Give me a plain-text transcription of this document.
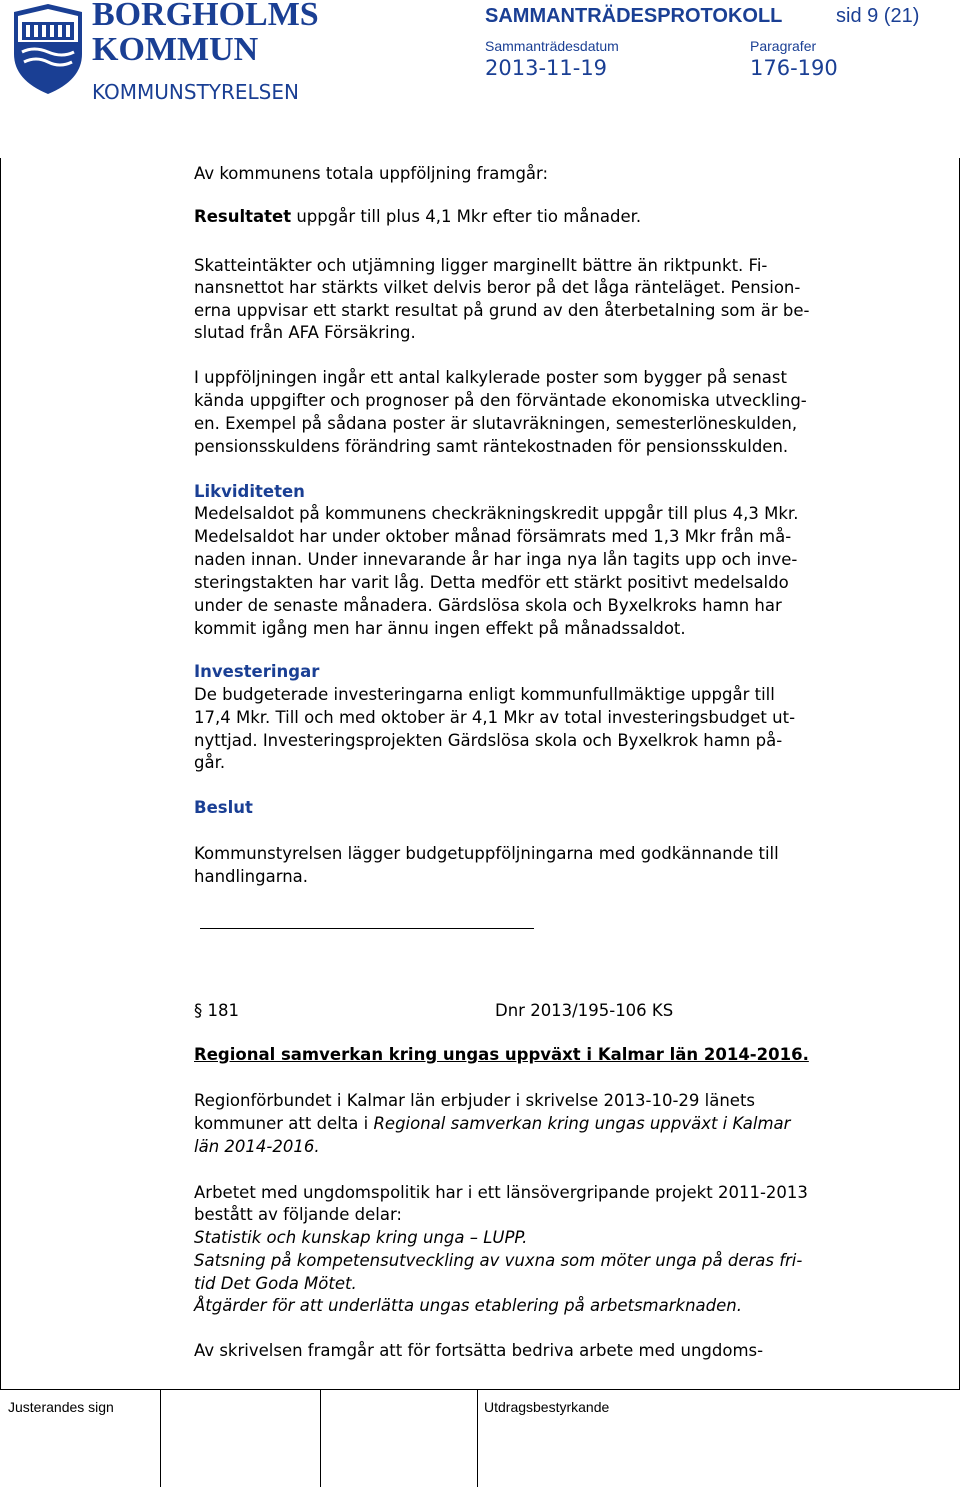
BORGHOLMS
KOMMUN
KOMMUNSTYRELSEN
SAMMANTRÄDESPROTOKOLL	sid 9 (21)
Sammanträdesdatum
2013-11-19
Paragrafer
176-190
Av kommunens totala uppföljning framgår:
Resultatet uppgår till plus 4,1 Mkr efter tio månader.
Skatteintäkter och utjämning ligger marginellt bättre än riktpunkt. Fi-
nansnettot har stärkts vilket delvis beror på det låga ränteläget. Pension-
erna uppvisar ett starkt resultat på grund av den återbetalning som är be-
slutad från AFA Försäkring.
I uppföljningen ingår ett antal kalkylerade poster som bygger på senast
kända uppgifter och prognoser på den förväntade ekonomiska utveckling-
en. Exempel på sådana poster är slutavräkningen, semesterlöneskulden,
pensionsskuldens förändring samt räntekostnaden för pensionsskulden.
Likviditeten
Medelsaldot på kommunens checkräkningskredit uppgår till plus 4,3 Mkr.
Medelsaldot har under oktober månad försämrats med 1,3 Mkr från må-
naden innan. Under innevarande år har inga nya lån tagits upp och inve-
steringstakten har varit låg. Detta medför ett stärkt positivt medelsaldo
under de senaste månadera. Gärdslösa skola och Byxelkroks hamn har
kommit igång men har ännu ingen effekt på månadssaldot.
Investeringar
De budgeterade investeringarna enligt kommunfullmäktige uppgår till
17,4 Mkr. Till och med oktober är 4,1 Mkr av total investeringsbudget ut-
nyttjad. Investeringsprojekten Gärdslösa skola och Byxelkrok hamn på-
går.
Beslut
Kommunstyrelsen lägger budgetuppföljningarna med godkännande till
handlingarna.
§ 181	Dnr 2013/195-106 KS
Regional samverkan kring ungas uppväxt i Kalmar län 2014-2016.
Regionförbundet i Kalmar län erbjuder i skrivelse 2013-10-29 länets
kommuner att delta i Regional samverkan kring ungas uppväxt i Kalmar
län 2014-2016.
Arbetet med ungdomspolitik har i ett länsövergripande projekt 2011-2013
bestått av följande delar:
Statistik och kunskap kring unga – LUPP.
Satsning på kompetensutveckling av vuxna som möter unga på deras fri-
tid Det Goda Mötet.
Åtgärder för att underlätta ungas etablering på arbetsmarknaden.
Av skrivelsen framgår att för fortsätta bedriva arbete med ungdoms-
Justerandes sign	Utdragsbestyrkande
